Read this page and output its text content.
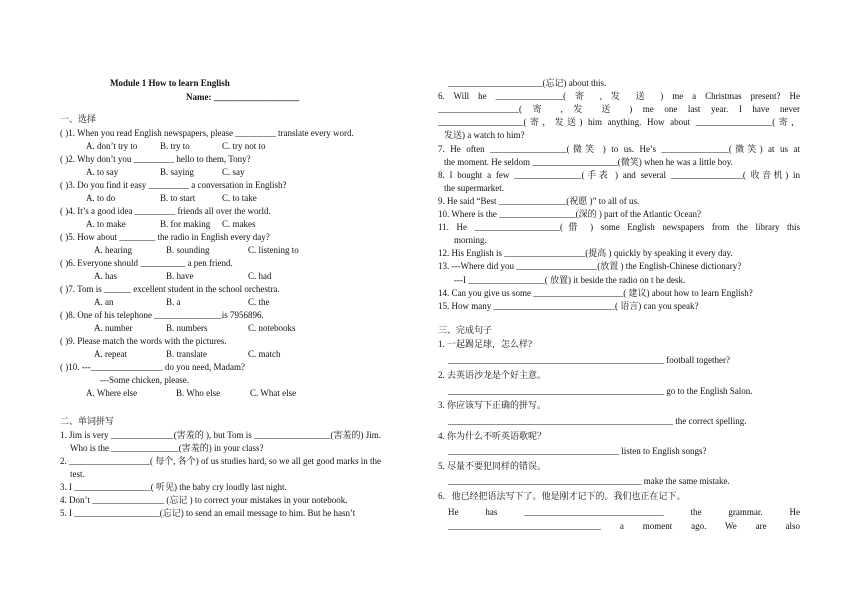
Module 1 How to learn English
Name: ___________________
一、选择
( )1. When you read English newspapers, please _________ translate every word.
A. don’t try to	B. try to	C. try not to
( )2. Why don’t you _________ hello to them, Tony?
A. to say	B. saying	C. say
( )3. Do you find it easy _________ a conversation in English?
A. to do	B. to start	C. to take
( )4. It’s a good idea _________ friends all over the world.
A. to make	B. for making C. makes
( )5. How about ________ the radio in English every day?
A. hearing	B. sounding	C. listening to
( )6. Everyone should __________ a pen friend.
A. has	B. have	C. had
( )7. Tom is ______ excellent student in the school orchestra.
A. an	B. a	C. the
( )8. One of his telephone _______________is 7956896.
A. number	B. numbers	C. notebooks
( )9. Please match the words with the pictures.
A. repeat	B. translate	C. match
( )10. ---________________ do you need, Madam?
---Some chicken, please.
A. Where else	B. Who else	C. What else
二、单词拼写
1. Jim is very ______________(害羞的 ), but Tom is _________________(害羞的) Jim.
Who is the _______________(害羞的) in your class?
2. __________________( 每个, 各个) of us studies hard, so we all get good marks in the
test.
3. I _________________( 听见) the baby cry loudly last night.
4. Don’t ________________ (忘记 ) to correct your mistakes in your notebook.
5. I ___________________(忘记) to send an email message to him. But he hasn’t
_____________________(忘记) about this.
6. Will he _______________( 寄 , 发 送 ) me a Christmas present? He
__________________( 寄 , 发 送 ) me one last year. I have never
___________________(寄，发送) him anything. How about _________________(寄，
发送) a watch to him?
7. He often _________________(微笑 ) to us. He’s _______________(微笑) at us at
the moment. He seldom ___________________(微笑) when he was a little boy.
8. I bought a few _______________(手表 ) and several ________________( 收音机) in
the supermarket.
9. He said “Best _______________(祝愿 )” to all of us.
10. Where is the _________________(深的 ) part of the Atlantic Ocean?
11. He ___________________(借 ) some English newspapers from the library this
morning.
12. His English is __________________(提高 ) quickly by speaking it every day.
13. ---Where did you __________________(放置 ) the English-Chinese dictionary?
---I _________________( 放置) it beside the radio on t he desk.
14. Can you give us some ____________________( 建议) about how to learn English?
15. How many ___________________________( 语言) can you speak?
三、完成句子
1. 一起踢足球，怎么样?
________________________________________________ football together?
2. 去英语沙龙是个好主意。
________________________________________________ go to the English Salon.
3. 你应该写下正确的拼写。
__________________________________________________ the correct spelling.
4. 你为什么不听英语歌呢？
______________________________________ listen to English songs?
5. 尽量不要犯同样的错误。
___________________________________________ make the same mistake.
6．他已经把语法写下了。他是刚才记下的。我们也正在记下。
He has _______________________________ the grammar. He
__________________________________ a moment ago. We are also
